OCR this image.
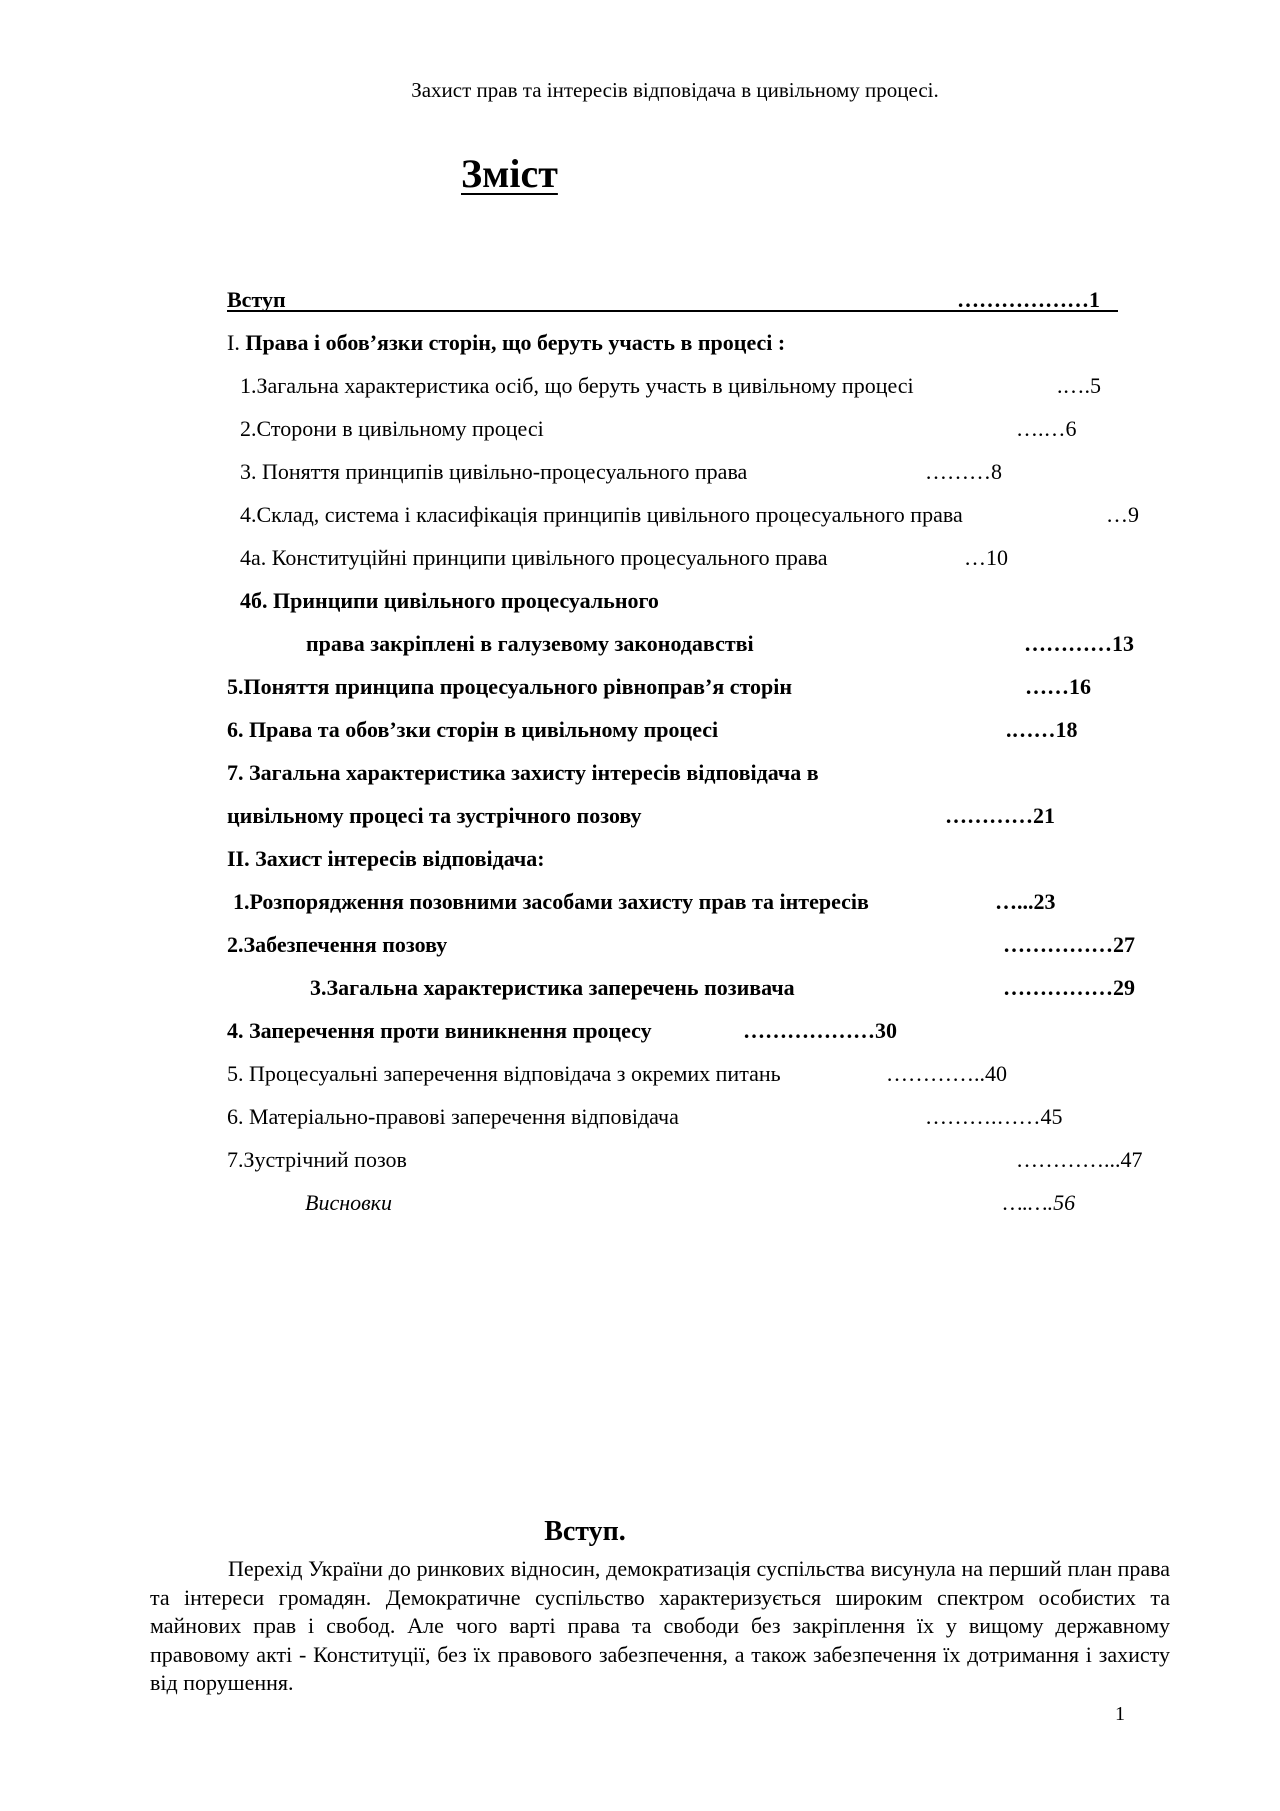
Захист прав та інтересів відповідача в цивільному процесі.
Зміст
Вступ	………………1
I. Права і обов’язки сторін, що беруть участь в процесі :
1.Загальна характеристика осіб, що беруть участь в цивільному процесі	.….5
2.Сторони в цивільному процесі	….…6
3. Поняття принципів цивільно-процесуального права	………8
4.Склад, система і класифікація принципів цивільного процесуального права	…9
4а. Конституційні принципи цивільного процесуального права	…10
4б. Принципи цивільного процесуального
права закріплені в галузевому законодавстві	…………13
5.Поняття принципа процесуального рівноправ’я сторін	……16
6. Права та обов’зки сторін в цивільному процесі	.……18
7. Загальна характеристика захисту інтересів відповідача в
цивільному процесі та зустрічного позову	…………21
II. Захист інтересів відповідача:
1.Розпорядження позовними засобами захисту прав та інтересів	…...23
2.Забезпечення позову	……………27
3.Загальна характеристика заперечень позивача	……………29
4. Заперечення проти виникнення процесу	………………30
5. Процесуальні заперечення відповідача з окремих питань	…………..40
6. Матеріально-правові заперечення відповідача	……….……45
7.Зустрічний позов	…………...47
Висновки	….….56
Вступ.

Перехід України до ринкових відносин, демократизація суспільства висунула на перший план права та інтереси громадян. Демократичне суспільство характеризується широким спектром особистих та майнових прав і свобод. Але чого варті права та свободи без закріплення їх у вищому державному правовому акті - Конституції, без їх правового забезпечення, а також забезпечення їх дотримання і захисту від порушення.

1
